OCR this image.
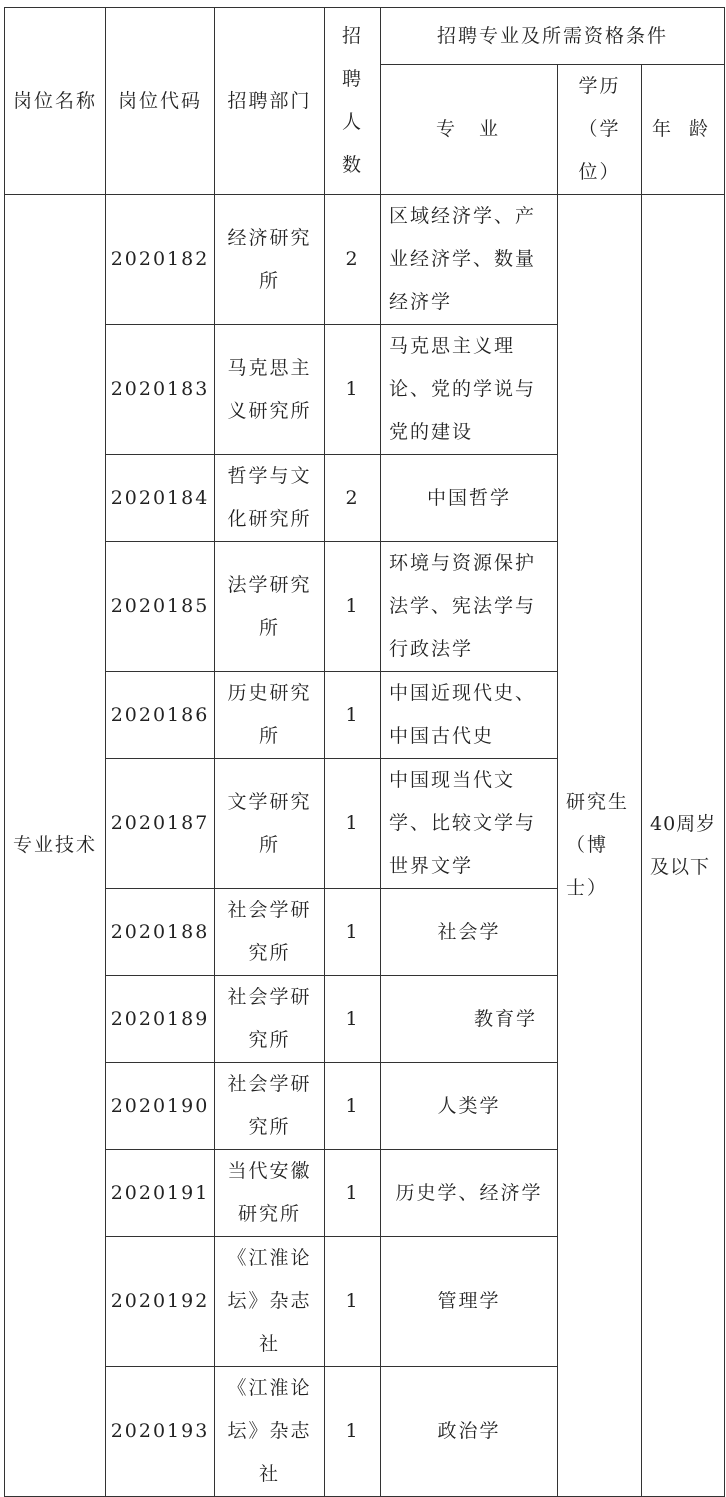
岗位名称	岗位代码	招聘部门	招聘人数	招聘专业及所需资格条件		
				专  业	学历（学位）	年 龄
专业技术	2020182	经济研究所	2	区域经济学、产业经济学、数量经济学	研究生（博士）	40周岁及以下
	2020183	马克思主义研究所	1	马克思主义理论、党的学说与党的建设		
	2020184	哲学与文化研究所	2	中国哲学		
	2020185	法学研究所	1	环境与资源保护法学、宪法学与行政法学		
	2020186	历史研究所	1	中国近现代史、中国古代史		
	2020187	文学研究所	1	中国现当代文学、比较文学与世界文学		
	2020188	社会学研究所	1	社会学		
	2020189	社会学研究所	1	教育学		
	2020190	社会学研究所	1	人类学		
	2020191	当代安徽研究所	1	历史学、经济学		
	2020192	《江淮论坛》杂志社	1	管理学		
	2020193	《江淮论坛》杂志社	1	政治学		
